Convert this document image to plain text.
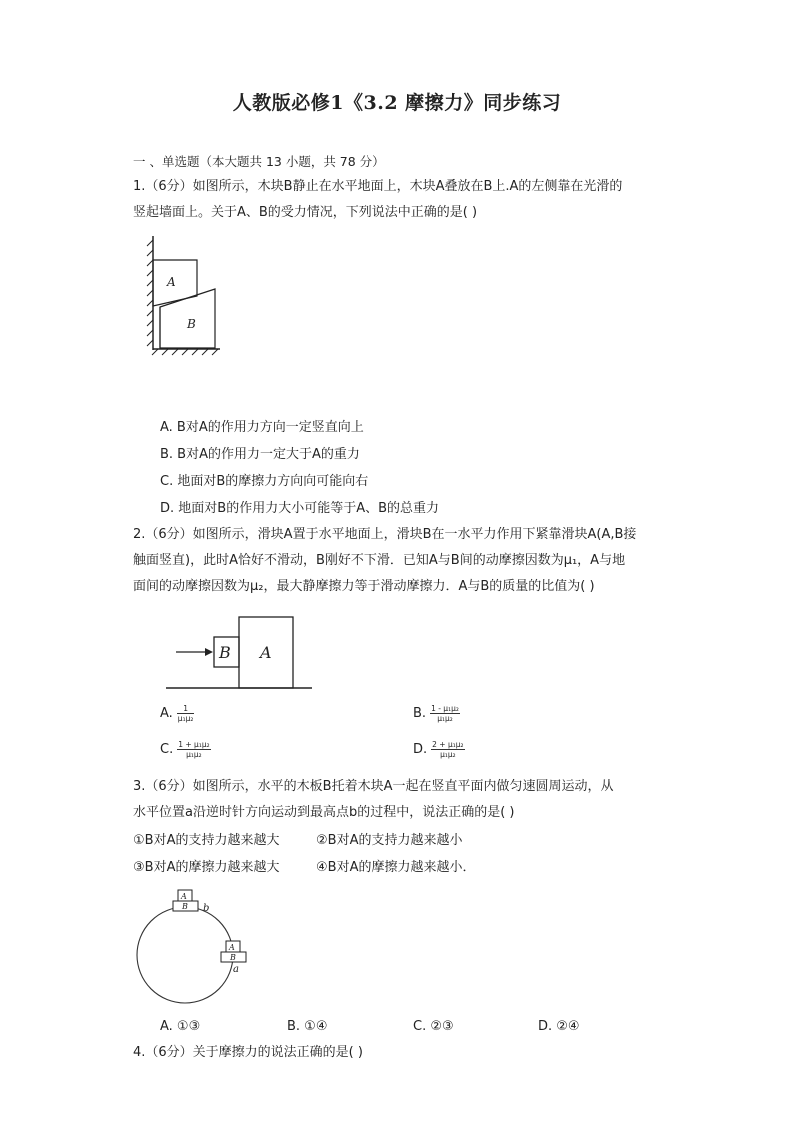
人教版必修1《3.2 摩擦力》同步练习
一 、单选题（本大题共 13 小题，共 78 分）
1.（6分）如图所示，木块B静止在水平地面上，木块A叠放在B上.A的左侧靠在光滑的
竖起墙面上。关于A、B的受力情况，下列说法中正确的是( )
A
B
A. B对A的作用力方向一定竖直向上
B. B对A的作用力一定大于A的重力
C. 地面对B的摩擦力方向向可能向右
D. 地面对B的作用力大小可能等于A、B的总重力
2.（6分）如图所示，滑块A置于水平地面上，滑块B在一水平力作用下紧靠滑块A(A,B接
触面竖直)，此时A恰好不滑动，B刚好不下滑．已知A与B间的动摩擦因数为μ₁，A与地
面间的动摩擦因数为μ₂，最大静摩擦力等于滑动摩擦力．A与B的质量的比值为( )
B A
A. $\frac{1}{\text{μ₁μ₂}}$	B. $\frac{\text{1 - μ₁μ₂}}{\text{μ₁μ₂}}$
C. $\frac{\text{1 + μ₁μ₂}}{\text{μ₁μ₂}}$	D. $\frac{\text{2 + μ₁μ₂}}{\text{μ₁μ₂}}$
3.（6分）如图所示，水平的木板B托着木块A一起在竖直平面内做匀速圆周运动，从
水平位置a沿逆时针方向运动到最高点b的过程中，说法正确的是( )
①B对A的支持力越来越大	②B对A的支持力越来越小
③B对A的摩擦力越来越大	④B对A的摩擦力越来越小．
A
B b
A
B
a
A. ①③	B. ①④	C. ②③	D. ②④
4.（6分）关于摩擦力的说法正确的是( )
